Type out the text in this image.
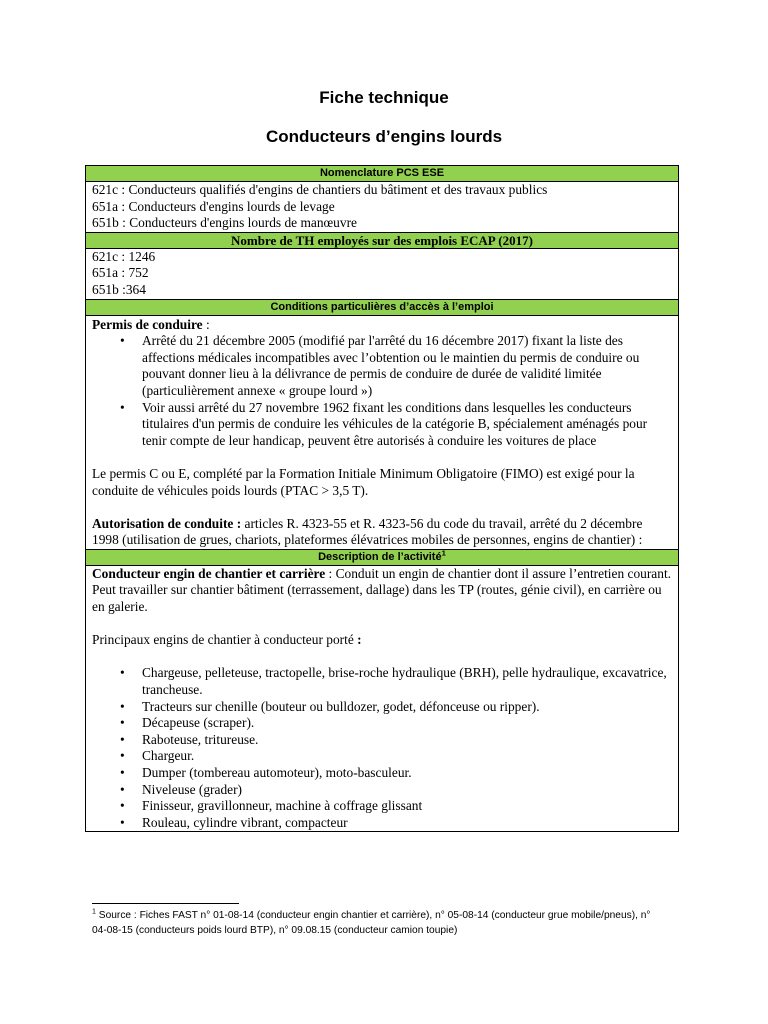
Fiche technique
Conducteurs d’engins lourds
Nomenclature PCS ESE

621c : Conducteurs qualifiés d'engins de chantiers du bâtiment et des travaux publics
651a : Conducteurs d'engins lourds de levage
651b : Conducteurs d'engins lourds de manœuvre

Nombre de TH employés sur des emplois ECAP (2017)

621c : 1246
651a : 752
651b :364

Conditions particulières d’accès à l’emploi

Permis de conduire :
• Arrêté du 21 décembre 2005 (modifié par l'arrêté du 16 décembre 2017) fixant la liste des affections médicales incompatibles avec l’obtention ou le maintien du permis de conduire ou pouvant donner lieu à la délivrance de permis de conduire de durée de validité limitée (particulièrement annexe « groupe lourd »)
• Voir aussi arrêté du 27 novembre 1962 fixant les conditions dans lesquelles les conducteurs titulaires d'un permis de conduire les véhicules de la catégorie B, spécialement aménagés pour tenir compte de leur handicap, peuvent être autorisés à conduire les voitures de place
Le permis C ou E, complété par la Formation Initiale Minimum Obligatoire (FIMO) est exigé pour la conduite de véhicules poids lourds (PTAC > 3,5 T).
Autorisation de conduite : articles R. 4323-55 et R. 4323-56 du code du travail, arrêté du 2 décembre 1998 (utilisation de grues, chariots, plateformes élévatrices mobiles de personnes, engins de chantier) :

Description de l’activité$^1$

Conducteur engin de chantier et carrière : Conduit un engin de chantier dont il assure l’entretien courant. Peut travailler sur chantier bâtiment (terrassement, dallage) dans les TP (routes, génie civil), en carrière ou en galerie.
Principaux engins de chantier à conducteur porté :
• Chargeuse, pelleteuse, tractopelle, brise-roche hydraulique (BRH), pelle hydraulique, excavatrice, trancheuse.
• Tracteurs sur chenille (bouteur ou bulldozer, godet, défonceuse ou ripper).
• Décapeuse (scraper).
• Raboteuse, tritureuse.
• Chargeur.
• Dumper (tombereau automoteur), moto-basculeur.
• Niveleuse (grader)
• Finisseur, gravillonneur, machine à coffrage glissant
• Rouleau, cylindre vibrant, compacteur
$^1$ Source : Fiches FAST n° 01-08-14 (conducteur engin chantier et carrière), n° 05-08-14 (conducteur grue mobile/pneus), n° 04-08-15 (conducteurs poids lourd BTP), n° 09.08.15 (conducteur camion toupie)
